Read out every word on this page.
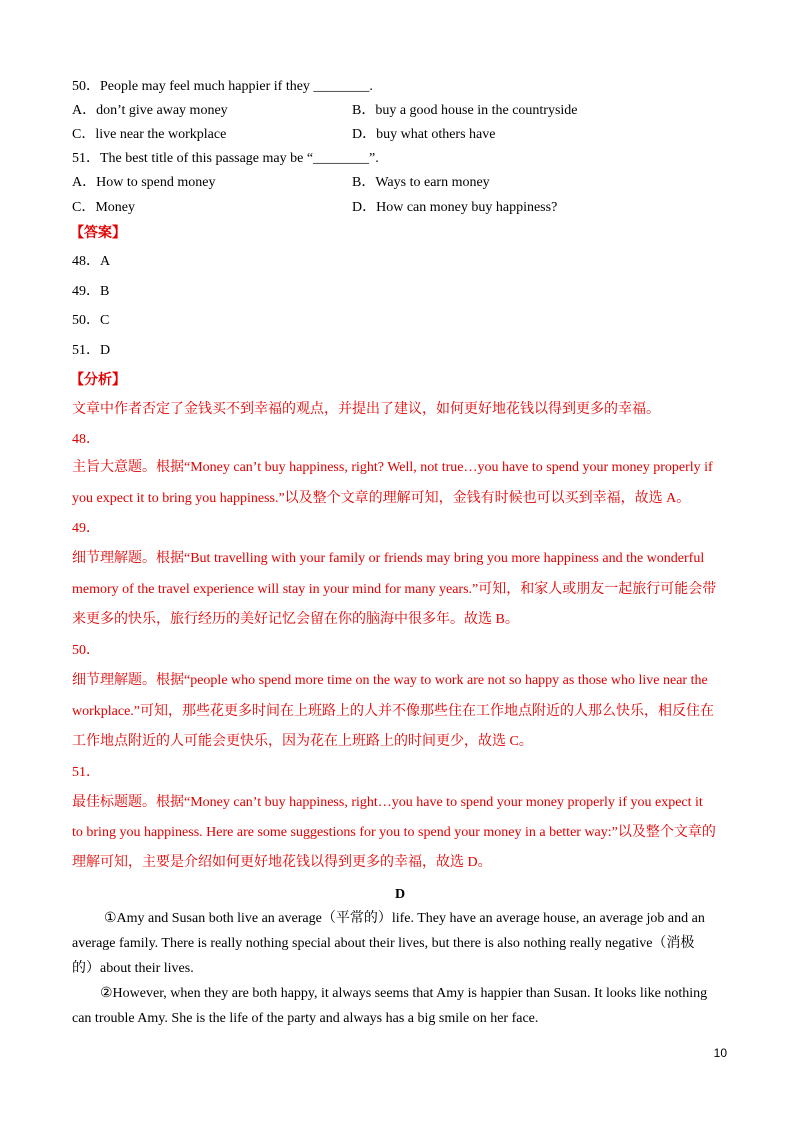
50．People may feel much happier if they ________.
A．don’t give away money	B．buy a good house in the countryside
C．live near the workplace	D．buy what others have
51．The best title of this passage may be “________”.
A．How to spend money	B．Ways to earn money
C．Money	D．How can money buy happiness?
【答案】
48．A
49．B
50．C
51．D
【分析】
文章中作者否定了金钱买不到幸福的观点，并提出了建议，如何更好地花钱以得到更多的幸福。
48．
主旨大意题。根据“Money can’t buy happiness, right? Well, not true…you have to spend your money properly if
you expect it to bring you happiness.”以及整个文章的理解可知，金钱有时候也可以买到幸福，故选 A。
49．
细节理解题。根据“But travelling with your family or friends may bring you more happiness and the wonderful
memory of the travel experience will stay in your mind for many years.”可知，和家人或朋友一起旅行可能会带
来更多的快乐，旅行经历的美好记忆会留在你的脑海中很多年。故选 B。
50．
细节理解题。根据“people who spend more time on the way to work are not so happy as those who live near the
workplace.”可知，那些花更多时间在上班路上的人并不像那些住在工作地点附近的人那么快乐，相反住在
工作地点附近的人可能会更快乐，因为花在上班路上的时间更少，故选 C。
51．
最佳标题题。根据“Money can’t buy happiness, right…you have to spend your money properly if you expect it
to bring you happiness. Here are some suggestions for you to spend your money in a better way:”以及整个文章的
理解可知，主要是介绍如何更好地花钱以得到更多的幸福，故选 D。
D
①Amy and Susan both live an average（平常的）life. They have an average house, an average job and an
average family. There is really nothing special about their lives, but there is also nothing really negative（消极
的）about their lives.
②However, when they are both happy, it always seems that Amy is happier than Susan. It looks like nothing
can trouble Amy. She is the life of the party and always has a big smile on her face.
10
